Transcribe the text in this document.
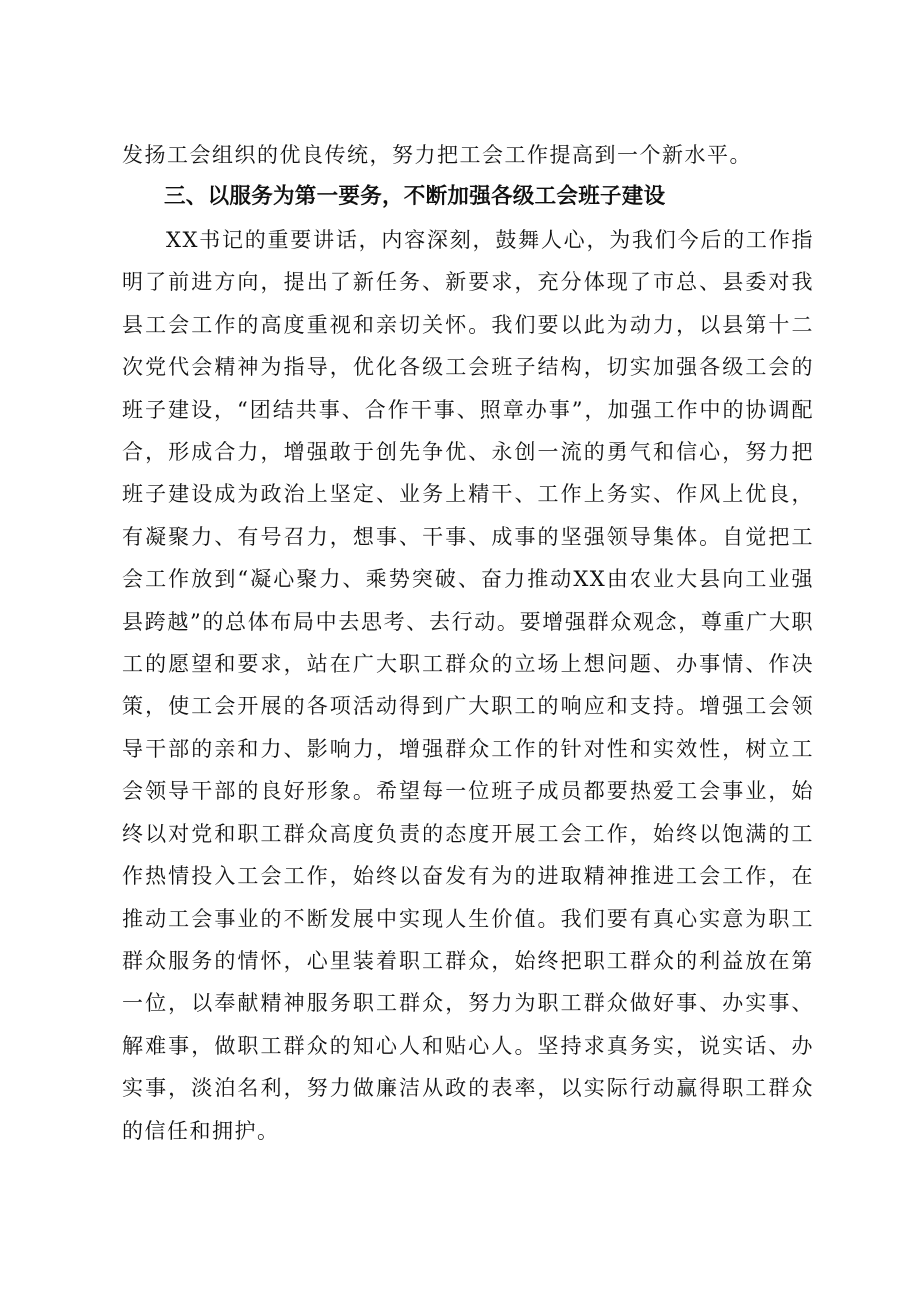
发扬工会组织的优良传统，努力把工会工作提高到一个新水平。
三、以服务为第一要务，不断加强各级工会班子建设
XX书记的重要讲话，内容深刻，鼓舞人心，为我们今后的工作指明了前进方向，提出了新任务、新要求，充分体现了市总、县委对我县工会工作的高度重视和亲切关怀。我们要以此为动力，以县第十二次党代会精神为指导，优化各级工会班子结构，切实加强各级工会的班子建设，“团结共事、合作干事、照章办事”，加强工作中的协调配合，形成合力，增强敢于创先争优、永创一流的勇气和信心，努力把班子建设成为政治上坚定、业务上精干、工作上务实、作风上优良，有凝聚力、有号召力，想事、干事、成事的坚强领导集体。自觉把工会工作放到“凝心聚力、乘势突破、奋力推动XX由农业大县向工业强县跨越”的总体布局中去思考、去行动。要增强群众观念，尊重广大职工的愿望和要求，站在广大职工群众的立场上想问题、办事情、作决策，使工会开展的各项活动得到广大职工的响应和支持。增强工会领导干部的亲和力、影响力，增强群众工作的针对性和实效性，树立工会领导干部的良好形象。希望每一位班子成员都要热爱工会事业，始终以对党和职工群众高度负责的态度开展工会工作，始终以饱满的工作热情投入工会工作，始终以奋发有为的进取精神推进工会工作，在推动工会事业的不断发展中实现人生价值。我们要有真心实意为职工群众服务的情怀，心里装着职工群众，始终把职工群众的利益放在第一位，以奉献精神服务职工群众，努力为职工群众做好事、办实事、解难事，做职工群众的知心人和贴心人。坚持求真务实，说实话、办实事，淡泊名利，努力做廉洁从政的表率，以实际行动赢得职工群众的信任和拥护。
